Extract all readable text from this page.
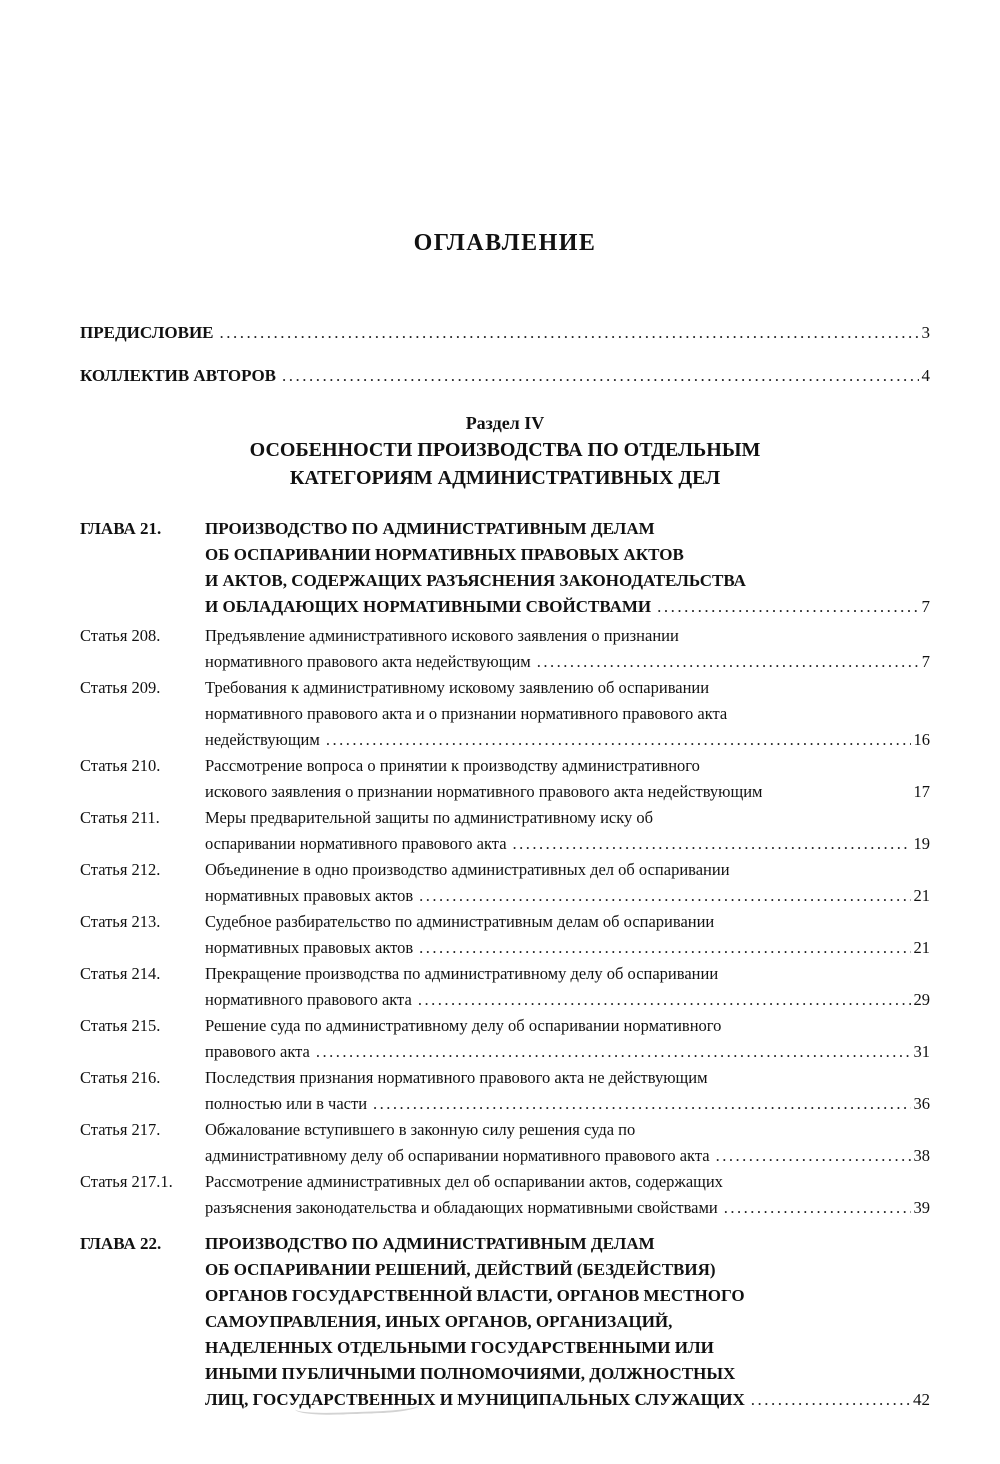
ОГЛАВЛЕНИЕ
ПРЕДИСЛОВИЕ .....	3
КОЛЛЕКТИВ АВТОРОВ .....	4
Раздел IV
ОСОБЕННОСТИ ПРОИЗВОДСТВА ПО ОТДЕЛЬНЫМ
КАТЕГОРИЯМ АДМИНИСТРАТИВНЫХ ДЕЛ
ГЛАВА 21.	ПРОИЗВОДСТВО ПО АДМИНИСТРАТИВНЫМ ДЕЛАМ
ОБ ОСПАРИВАНИИ НОРМАТИВНЫХ ПРАВОВЫХ АКТОВ
И АКТОВ, СОДЕРЖАЩИХ РАЗЪЯСНЕНИЯ ЗАКОНОДАТЕЛЬСТВА
И ОБЛАДАЮЩИХ НОРМАТИВНЫМИ СВОЙСТВАМИ .....	7
Статья 208.	Предъявление административного искового заявления о признании
нормативного правового акта недействующим .....	7
Статья 209.	Требования к административному исковому заявлению об оспаривании
нормативного правового акта и о признании нормативного правового акта
недействующим .....	16
Статья 210.	Рассмотрение вопроса о принятии к производству административного
искового заявления о признании нормативного правового акта недействующим	17
Статья 211.	Меры предварительной защиты по административному иску об
оспаривании нормативного правового акта .....	19
Статья 212.	Объединение в одно производство административных дел об оспаривании
нормативных правовых актов .....	21
Статья 213.	Судебное разбирательство по административным делам об оспаривании
нормативных правовых актов .....	21
Статья 214.	Прекращение производства по административному делу об оспаривании
нормативного правового акта .....	29
Статья 215.	Решение суда по административному делу об оспаривании нормативного
правового акта .....	31
Статья 216.	Последствия признания нормативного правового акта не действующим
полностью или в части .....	36
Статья 217.	Обжалование вступившего в законную силу решения суда по
административному делу об оспаривании нормативного правового акта .....	38
Статья 217.1.	Рассмотрение административных дел об оспаривании актов, содержащих
разъяснения законодательства и обладающих нормативными свойствами .....	39
ГЛАВА 22.	ПРОИЗВОДСТВО ПО АДМИНИСТРАТИВНЫМ ДЕЛАМ
ОБ ОСПАРИВАНИИ РЕШЕНИЙ, ДЕЙСТВИЙ (БЕЗДЕЙСТВИЯ)
ОРГАНОВ ГОСУДАРСТВЕННОЙ ВЛАСТИ, ОРГАНОВ МЕСТНОГО
САМОУПРАВЛЕНИЯ, ИНЫХ ОРГАНОВ, ОРГАНИЗАЦИЙ,
НАДЕЛЕННЫХ ОТДЕЛЬНЫМИ ГОСУДАРСТВЕННЫМИ ИЛИ
ИНЫМИ ПУБЛИЧНЫМИ ПОЛНОМОЧИЯМИ, ДОЛЖНОСТНЫХ
ЛИЦ, ГОСУДАРСТВЕННЫХ И МУНИЦИПАЛЬНЫХ СЛУЖАЩИХ .....	42
